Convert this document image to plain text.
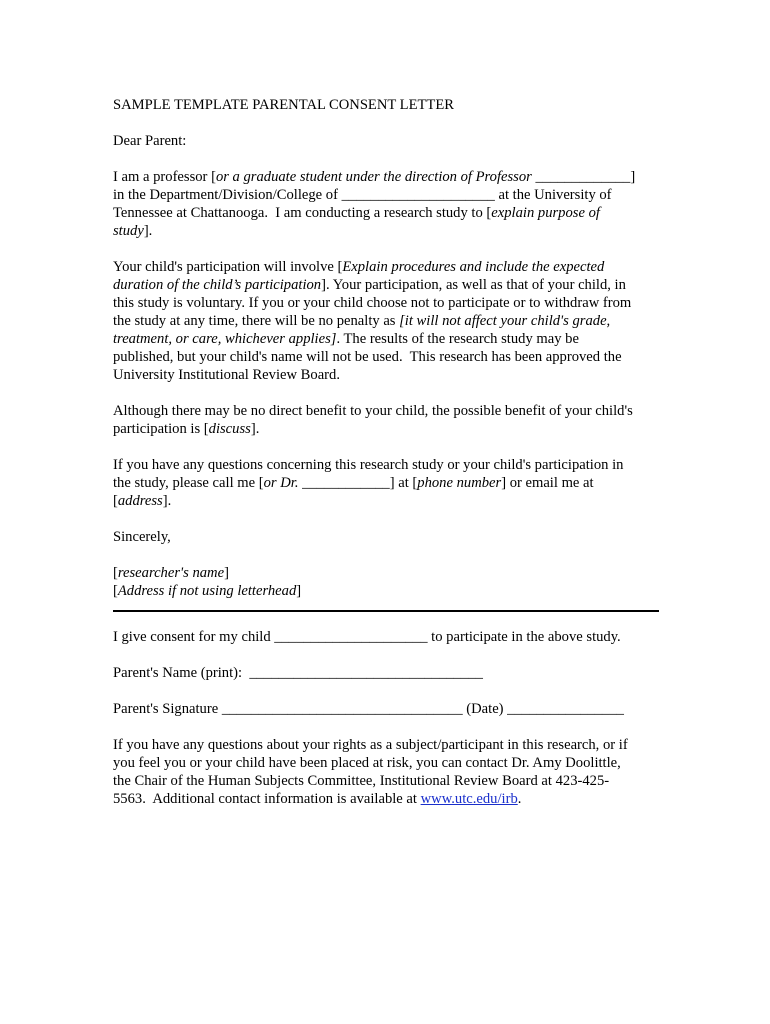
SAMPLE TEMPLATE PARENTAL CONSENT LETTER
Dear Parent:
I am a professor [or a graduate student under the direction of Professor _____________]
in the Department/Division/College of _____________________ at the University of
Tennessee at Chattanooga.  I am conducting a research study to [explain purpose of
study].
Your child's participation will involve [Explain procedures and include the expected
duration of the child’s participation]. Your participation, as well as that of your child, in
this study is voluntary. If you or your child choose not to participate or to withdraw from
the study at any time, there will be no penalty as [it will not affect your child's grade,
treatment, or care, whichever applies]. The results of the research study may be
published, but your child's name will not be used.  This research has been approved the
University Institutional Review Board.
Although there may be no direct benefit to your child, the possible benefit of your child's
participation is [discuss].
If you have any questions concerning this research study or your child's participation in
the study, please call me [or Dr. ____________] at [phone number] or email me at
[address].
Sincerely,
[researcher's name]
[Address if not using letterhead]
I give consent for my child _____________________ to participate in the above study.
Parent's Name (print):  ________________________________
Parent's Signature _________________________________ (Date) ________________
If you have any questions about your rights as a subject/participant in this research, or if
you feel you or your child have been placed at risk, you can contact Dr. Amy Doolittle,
the Chair of the Human Subjects Committee, Institutional Review Board at 423-425-
5563.  Additional contact information is available at www.utc.edu/irb.
